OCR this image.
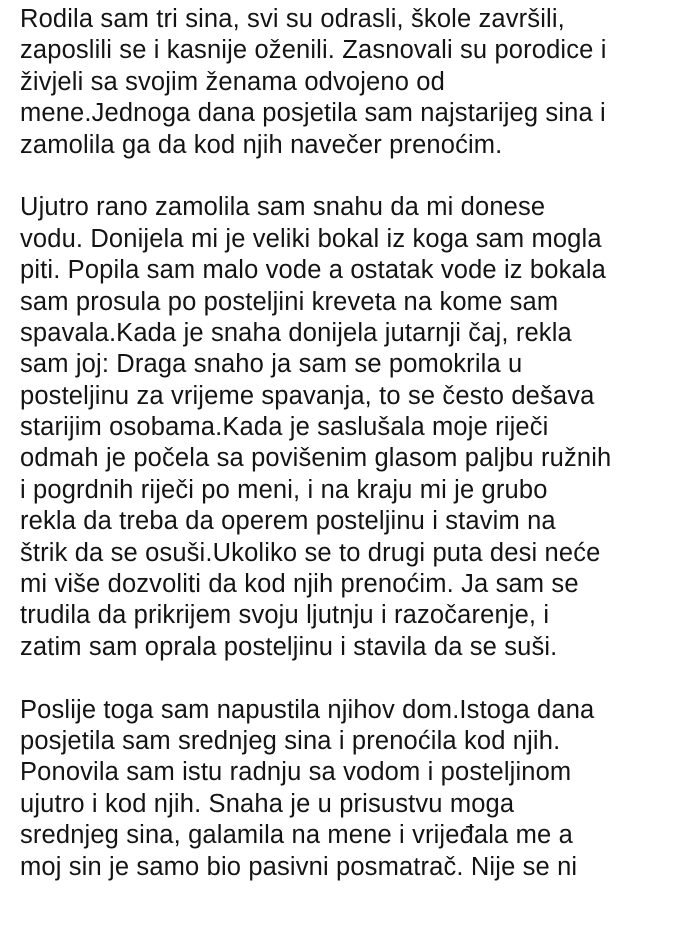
Rodila sam tri sina, svi su odrasli, škole završili,
zaposlili se i kasnije oženili. Zasnovali su porodice i
živjeli sa svojim ženama odvojeno od
mene.Jednoga dana posjetila sam najstarijeg sina i
zamolila ga da kod njih navečer prenoćim.
Ujutro rano zamolila sam snahu da mi donese
vodu. Donijela mi je veliki bokal iz koga sam mogla
piti. Popila sam malo vode a ostatak vode iz bokala
sam prosula po posteljini kreveta na kome sam
spavala.Kada je snaha donijela jutarnji čaj, rekla
sam joj: Draga snaho ja sam se pomokrila u
posteljinu za vrijeme spavanja, to se često dešava
starijim osobama.Kada je saslušala moje riječi
odmah je počela sa povišenim glasom paljbu ružnih
i pogrdnih riječi po meni, i na kraju mi je grubo
rekla da treba da operem posteljinu i stavim na
štrik da se osuši.Ukoliko se to drugi puta desi neće
mi više dozvoliti da kod njih prenoćim. Ja sam se
trudila da prikrijem svoju ljutnju i razočarenje, i
zatim sam oprala posteljinu i stavila da se suši.
Poslije toga sam napustila njihov dom.Istoga dana
posjetila sam srednjeg sina i prenoćila kod njih.
Ponovila sam istu radnju sa vodom i posteljinom
ujutro i kod njih. Snaha je u prisustvu moga
srednjeg sina, galamila na mene i vrijeđala me a
moj sin je samo bio pasivni posmatrač. Nije se ni
